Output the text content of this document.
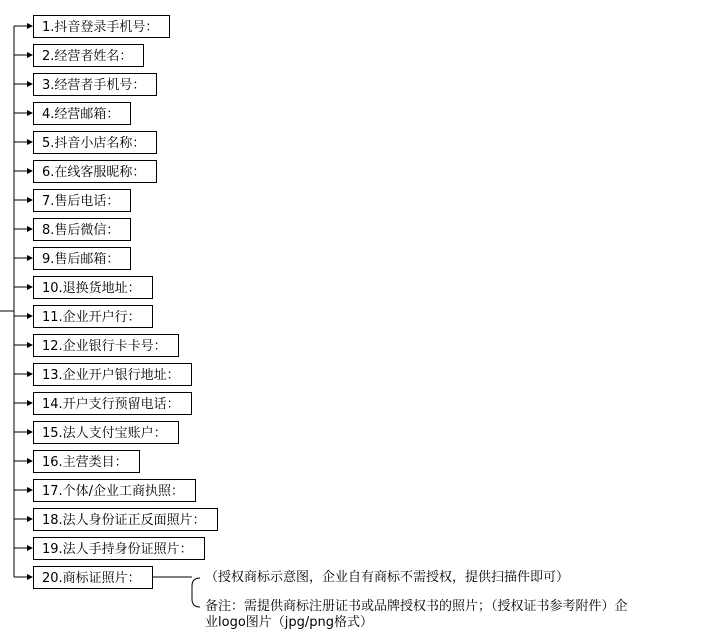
1.抖音登录手机号：
2.经营者姓名：
3.经营者手机号：
4.经营邮箱：
5.抖音小店名称：
6.在线客服昵称：
7.售后电话：
8.售后微信：
9.售后邮箱：
10.退换货地址：
11.企业开户行：
12.企业银行卡卡号：
13.企业开户银行地址：
14.开户支行预留电话：
15.法人支付宝账户：
16.主营类目：
17.个体/企业工商执照：
18.法人身份证正反面照片：
19.法人手持身份证照片：
20.商标证照片：	（授权商标示意图，企业自有商标不需授权，提供扫描件即可）
备注：需提供商标注册证书或品牌授权书的照片；（授权证书参考附件）企
业logo图片（jpg/png格式）
